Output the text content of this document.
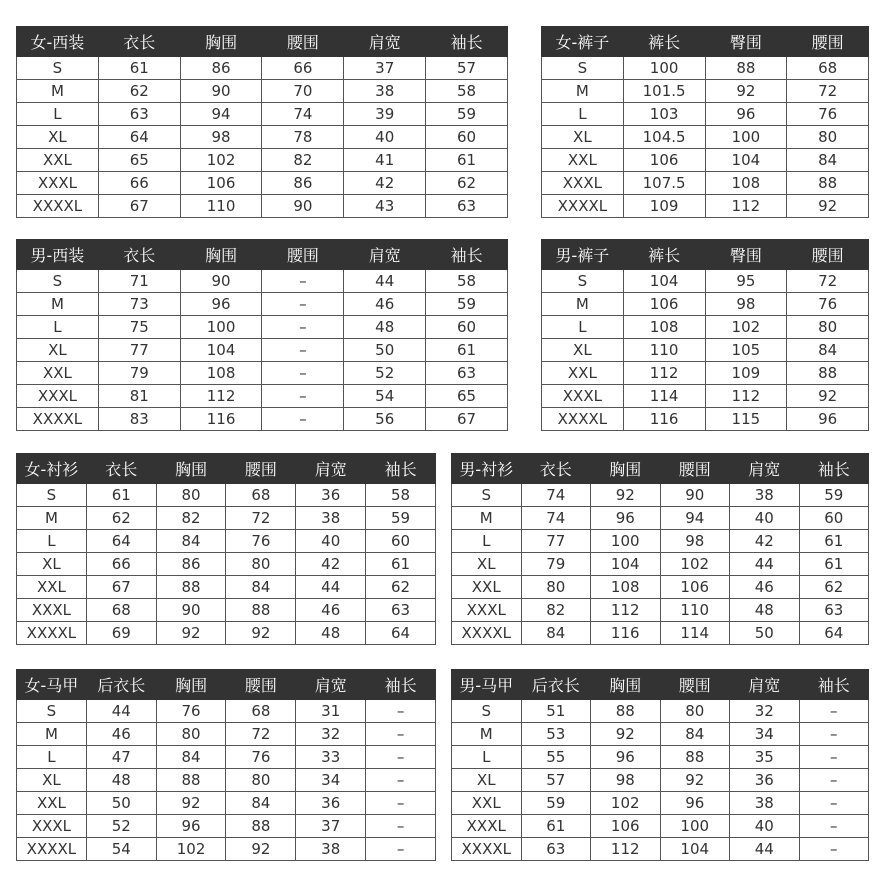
女-西装	衣长	胸围	腰围	肩宽	袖长
S	61	86	66	37	57
M	62	90	70	38	58
L	63	94	74	39	59
XL	64	98	78	40	60
XXL	65	102	82	41	61
XXXL	66	106	86	42	62
XXXXL	67	110	90	43	63
女-裤子	裤长	臀围	腰围
S	100	88	68
M	101.5	92	72
L	103	96	76
XL	104.5	100	80
XXL	106	104	84
XXXL	107.5	108	88
XXXXL	109	112	92
男-西装	衣长	胸围	腰围	肩宽	袖长
S	71	90	–	44	58
M	73	96	–	46	59
L	75	100	–	48	60
XL	77	104	–	50	61
XXL	79	108	–	52	63
XXXL	81	112	–	54	65
XXXXL	83	116	–	56	67
男-裤子	裤长	臀围	腰围
S	104	95	72
M	106	98	76
L	108	102	80
XL	110	105	84
XXL	112	109	88
XXXL	114	112	92
XXXXL	116	115	96
女-衬衫	衣长	胸围	腰围	肩宽	袖长
S	61	80	68	36	58
M	62	82	72	38	59
L	64	84	76	40	60
XL	66	86	80	42	61
XXL	67	88	84	44	62
XXXL	68	90	88	46	63
XXXXL	69	92	92	48	64
男-衬衫	衣长	胸围	腰围	肩宽	袖长
S	74	92	90	38	59
M	74	96	94	40	60
L	77	100	98	42	61
XL	79	104	102	44	61
XXL	80	108	106	46	62
XXXL	82	112	110	48	63
XXXXL	84	116	114	50	64
女-马甲	后衣长	胸围	腰围	肩宽	袖长
S	44	76	68	31	–
M	46	80	72	32	–
L	47	84	76	33	–
XL	48	88	80	34	–
XXL	50	92	84	36	–
XXXL	52	96	88	37	–
XXXXL	54	102	92	38	–
男-马甲	后衣长	胸围	腰围	肩宽	袖长
S	51	88	80	32	–
M	53	92	84	34	–
L	55	96	88	35	–
XL	57	98	92	36	–
XXL	59	102	96	38	–
XXXL	61	106	100	40	–
XXXXL	63	112	104	44	–
